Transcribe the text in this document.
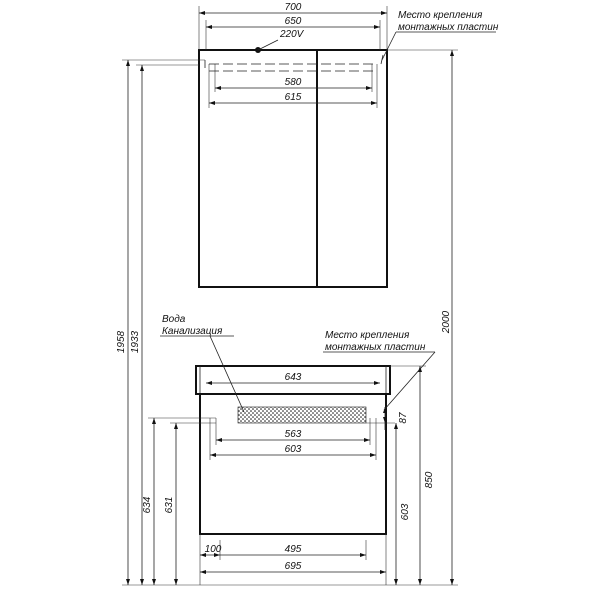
700
650
220V
580
615
Место крепления
монтажных пластин
1958 1933
2000
643
563
603
87
850
603
634 631
100	495
695
Вода
Канализация	Место крепления
монтажных пластин
